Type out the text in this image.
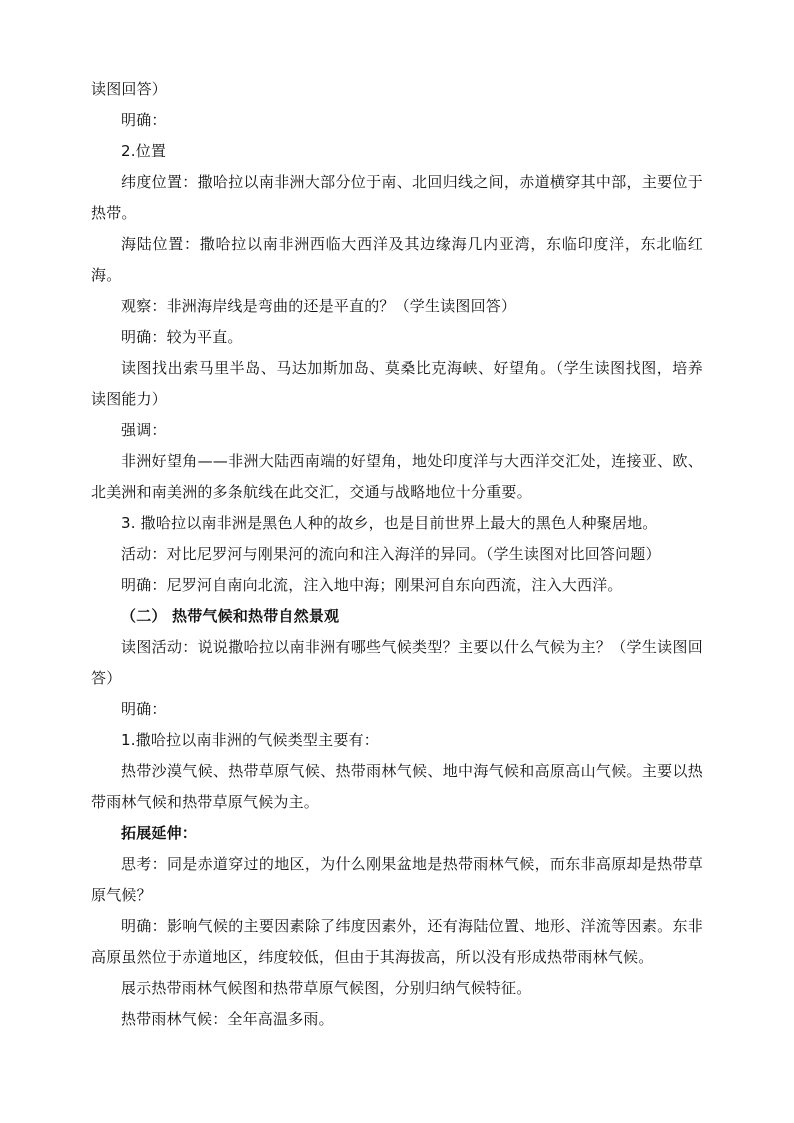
读图回答）

明确：

2.位置

纬度位置：撒哈拉以南非洲大部分位于南、北回归线之间，赤道横穿其中部，主要位于热带。

海陆位置：撒哈拉以南非洲西临大西洋及其边缘海几内亚湾，东临印度洋，东北临红海。

观察：非洲海岸线是弯曲的还是平直的？（学生读图回答）

明确：较为平直。

读图找出索马里半岛、马达加斯加岛、莫桑比克海峡、好望角。（学生读图找图，培养读图能力）

强调：

非洲好望角——非洲大陆西南端的好望角，地处印度洋与大西洋交汇处，连接亚、欧、北美洲和南美洲的多条航线在此交汇，交通与战略地位十分重要。

3. 撒哈拉以南非洲是黑色人种的故乡，也是目前世界上最大的黑色人种聚居地。

活动：对比尼罗河与刚果河的流向和注入海洋的异同。（学生读图对比回答问题）

明确：尼罗河自南向北流，注入地中海；刚果河自东向西流，注入大西洋。

（二） 热带气候和热带自然景观

读图活动：说说撒哈拉以南非洲有哪些气候类型？主要以什么气候为主？（学生读图回答）

明确：

1.撒哈拉以南非洲的气候类型主要有：

热带沙漠气候、热带草原气候、热带雨林气候、地中海气候和高原高山气候。主要以热带雨林气候和热带草原气候为主。

拓展延伸：

思考：同是赤道穿过的地区，为什么刚果盆地是热带雨林气候，而东非高原却是热带草原气候？

明确：影响气候的主要因素除了纬度因素外，还有海陆位置、地形、洋流等因素。东非高原虽然位于赤道地区，纬度较低，但由于其海拔高，所以没有形成热带雨林气候。

展示热带雨林气候图和热带草原气候图，分别归纳气候特征。

热带雨林气候：全年高温多雨。
